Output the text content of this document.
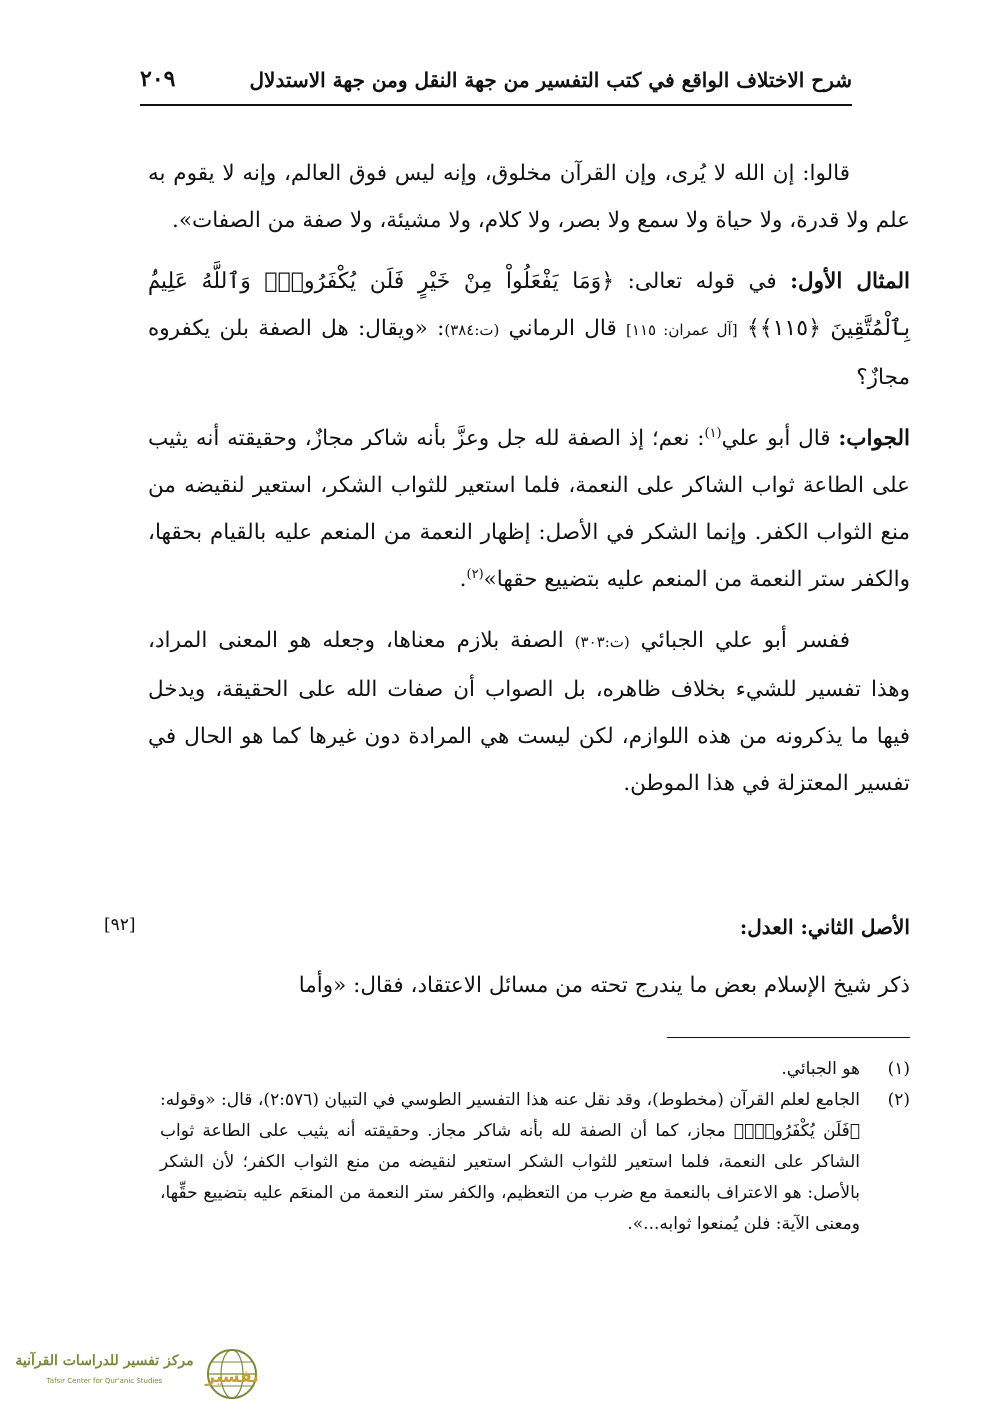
شرح الاختلاف الواقع في كتب التفسير من جهة النقل ومن جهة الاستدلال
٢٠٩

قالوا: إن الله لا يُرى، وإن القرآن مخلوق، وإنه ليس فوق العالم، وإنه لا يقوم به علم ولا قدرة، ولا حياة ولا سمع ولا بصر، ولا كلام، ولا مشيئة، ولا صفة من الصفات».

المثال الأول: في قوله تعالى: ﴿وَمَا يَفْعَلُواْ مِنْ خَيْرٍ فَلَن يُكْفَرُوهُۗ وَٱللَّهُ عَلِيمُۢ بِٱلْمُتَّقِينَ ﴿١١٥﴾﴾ [آل عمران: ١١٥] قال الرماني (ت:٣٨٤): «ويقال: هل الصفة بلن يكفروه مجازٌ؟

الجواب: قال أبو علي$^{(١)}$: نعم؛ إذ الصفة لله جل وعزَّ بأنه شاكر مجازٌ، وحقيقته أنه يثيب على الطاعة ثواب الشاكر على النعمة، فلما استعير للثواب الشكر، استعير لنقيضه من منع الثواب الكفر. وإنما الشكر في الأصل: إظهار النعمة من المنعم عليه بالقيام بحقها، والكفر ستر النعمة من المنعم عليه بتضييع حقها»$^{(٢)}$.

ففسر أبو علي الجبائي (ت:٣٠٣) الصفة بلازم معناها، وجعله هو المعنى المراد، وهذا تفسير للشيء بخلاف ظاهره، بل الصواب أن صفات الله على الحقيقة، ويدخل فيها ما يذكرونه من هذه اللوازم، لكن ليست هي المرادة دون غيرها كما هو الحال في تفسير المعتزلة في هذا الموطن.

الأصل الثاني: العدل:
[٩٢]
ذكر شيخ الإسلام بعض ما يندرج تحته من مسائل الاعتقاد، فقال: «وأما
(١)
هو الجبائي.
(٢)
الجامع لعلم القرآن (مخطوط)، وقد نقل عنه هذا التفسير الطوسي في التبيان (٢:٥٧٦)، قال: «وقوله: ﴿فَلَن يُكْفَرُوهُۗ﴾ مجاز، كما أن الصفة لله بأنه شاكر مجاز. وحقيقته أنه يثيب على الطاعة ثواب الشاكر على النعمة، فلما استعير للثواب الشكر استعير لنقيضه من منع الثواب الكفر؛ لأن الشكر بالأصل: هو الاعتراف بالنعمة مع ضرب من التعظيم، والكفر ستر النعمة من المنعَم عليه بتضييع حقِّها، ومعنى الآية: فلن يُمنعوا ثوابه...».
مركز تفسير للدراسات القرآنية
Tafsir Center for Qur'anic Studies	تفسير
